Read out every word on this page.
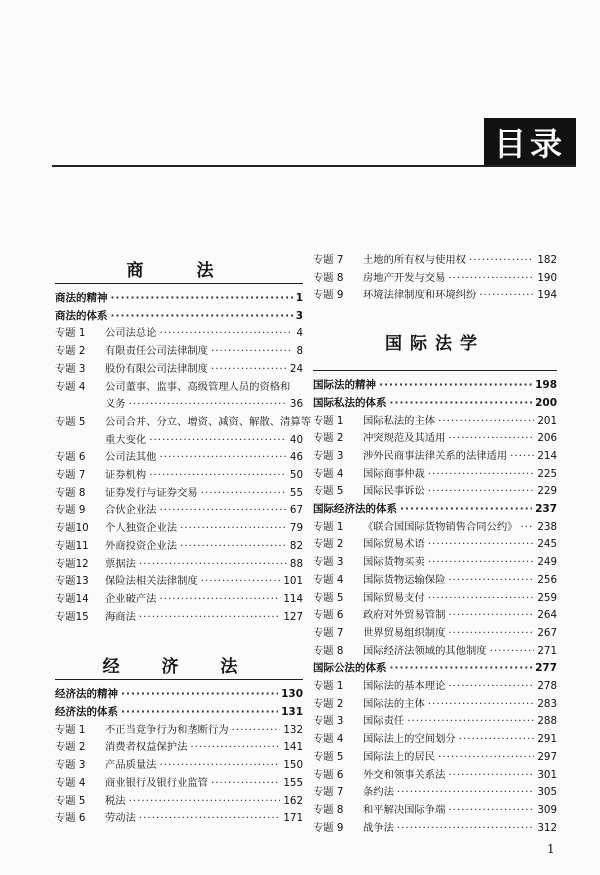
目录
商　法
商法的精神 ·····	1
商法的体系 ·····	3
专题 1	公司法总论 ·····	4
专题 2	有限责任公司法律制度 ·····	8
专题 3	股份有限公司法律制度 ·····	24
专题 4	公司董事、监事、高级管理人员的资格和
义务 ·····	36
专题 5	公司合并、分立、增资、减资、解散、清算等
重大变化 ·····	40
专题 6	公司法其他 ·····	46
专题 7	证券机构 ·····	50
专题 8	证券发行与证券交易 ·····	55
专题 9	合伙企业法 ·····	67
专题10	个人独资企业法 ·····	79
专题11	外商投资企业法 ·····	82
专题12	票据法 ·····	88
专题13	保险法相关法律制度 ·····	101
专题14	企业破产法 ·····	114
专题15	海商法 ·····	127
经 济 法
经济法的精神 ·····	130
经济法的体系 ·····	131
专题 1	不正当竞争行为和垄断行为 ·····	132
专题 2	消费者权益保护法 ·····	141
专题 3	产品质量法 ·····	150
专题 4	商业银行及银行业监管 ·····	155
专题 5	税法 ·····	162
专题 6	劳动法 ·····	171
专题 7	土地的所有权与使用权 ·····	182
专题 8	房地产开发与交易 ·····	190
专题 9	环境法律制度和环境纠纷 ·····	194
国际法学
国际法的精神 ·····	198
国际私法的体系 ·····	200
专题 1	国际私法的主体 ·····	201
专题 2	冲突规范及其适用 ·····	206
专题 3	涉外民商事法律关系的法律适用 ·····	214
专题 4	国际商事仲裁 ·····	225
专题 5	国际民事诉讼 ·····	229
国际经济法的体系 ·····	237
专题 1	《联合国国际货物销售合同公约》 ····· 238
专题 2	国际贸易术语 ·····	245
专题 3	国际货物买卖 ·····	249
专题 4	国际货物运输保险 ·····	256
专题 5	国际贸易支付 ·····	259
专题 6	政府对外贸易管制 ·····	264
专题 7	世界贸易组织制度 ·····	267
专题 8	国际经济法领域的其他制度 ·····	271
国际公法的体系 ·····	277
专题 1	国际法的基本理论 ·····	278
专题 2	国际法的主体 ·····	283
专题 3	国际责任 ·····	288
专题 4	国际法上的空间划分 ·····	291
专题 5	国际法上的居民 ·····	297
专题 6	外交和领事关系法 ·····	301
专题 7	条约法 ·····	305
专题 8	和平解决国际争端 ·····	309
专题 9	战争法 ·····	312
1
